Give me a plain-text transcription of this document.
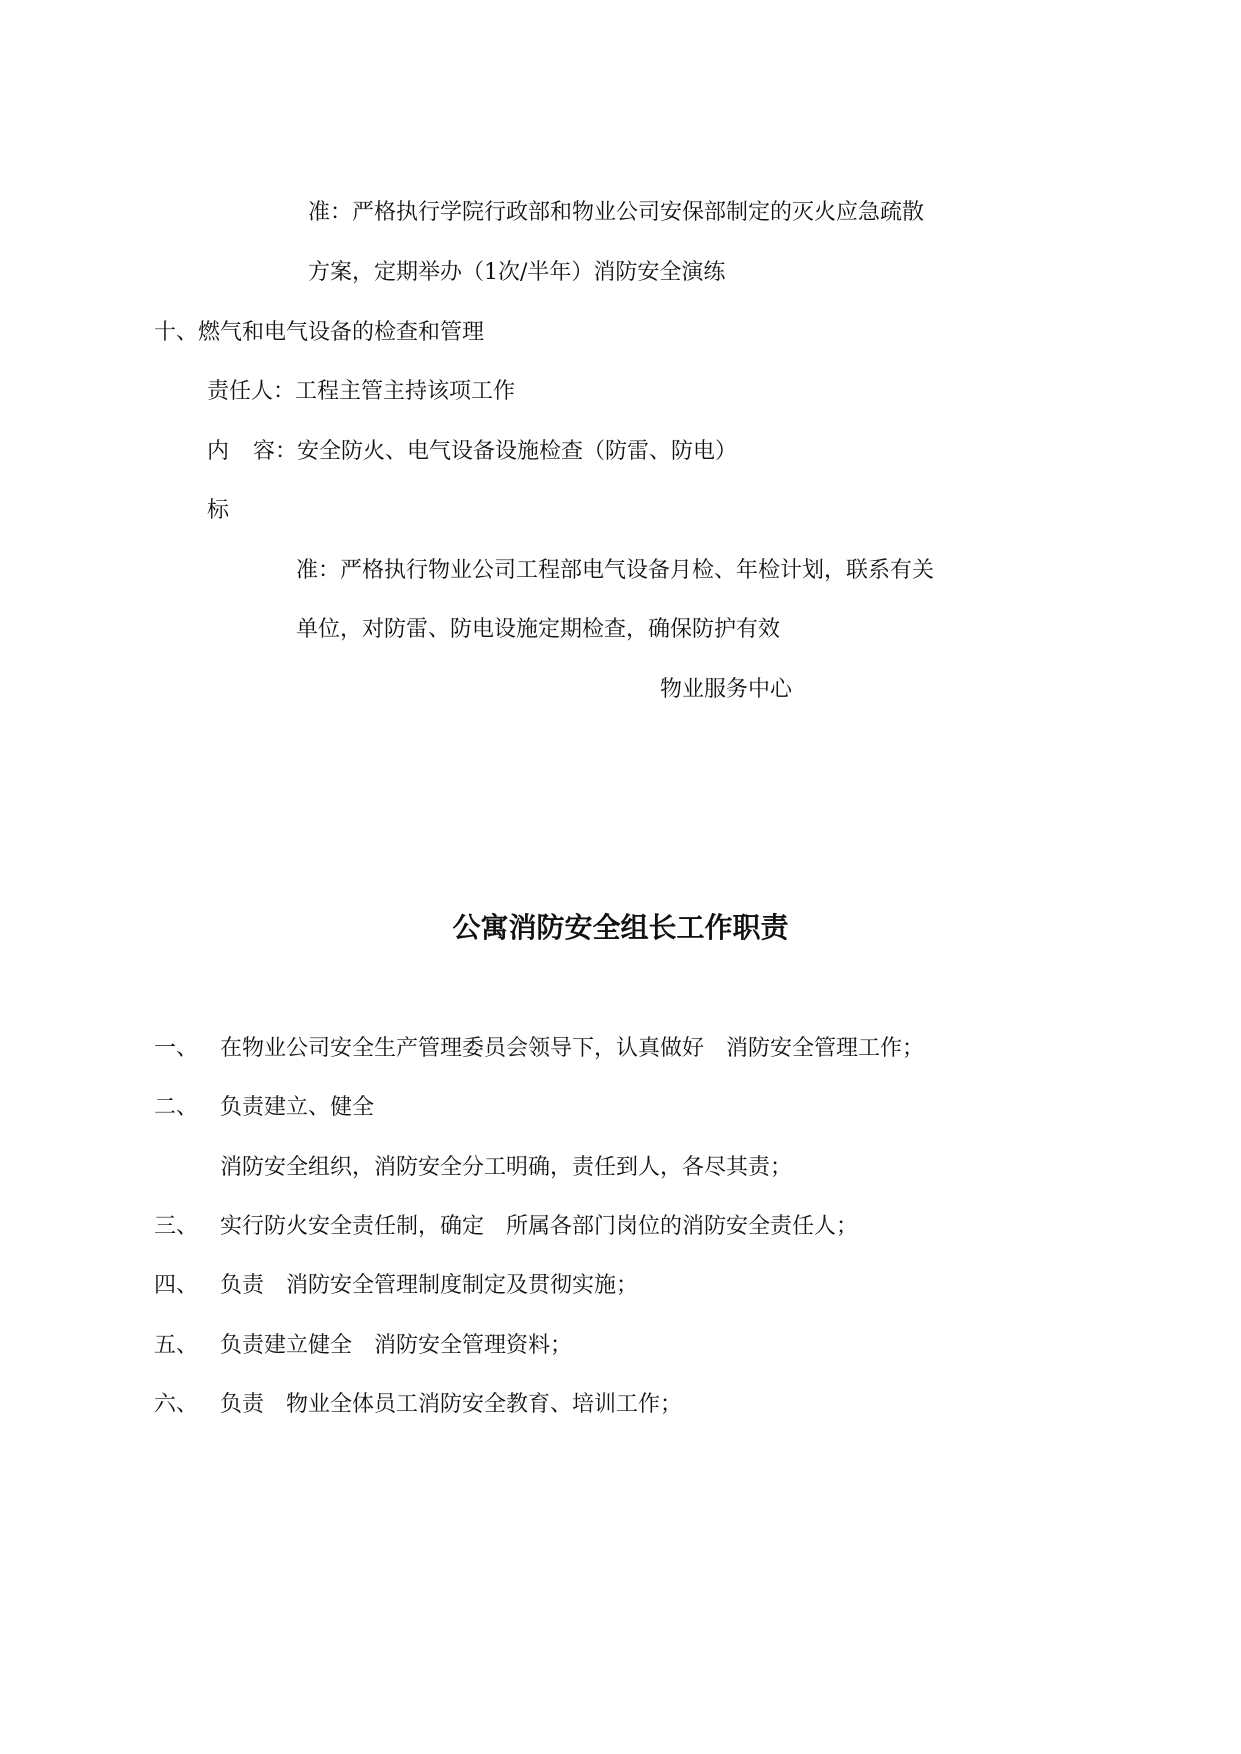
准：严格执行学院行政部和物业公司安保部制定的灭火应急疏散
方案，定期举办（1次/半年）消防安全演练
十、燃气和电气设备的检查和管理
责任人：工程主管主持该项工作
内 容：安全防火、电气设备设施检查（防雷、防电）
标
准：严格执行物业公司工程部电气设备月检、年检计划，联系有关
单位，对防雷、防电设施定期检查，确保防护有效
物业服务中心
公寓消防安全组长工作职责
一、 在物业公司安全生产管理委员会领导下，认真做好 消防安全管理工作；
二、 负责建立、健全
消防安全组织，消防安全分工明确，责任到人，各尽其责；
三、 实行防火安全责任制，确定 所属各部门岗位的消防安全责任人；
四、 负责 消防安全管理制度制定及贯彻实施；
五、 负责建立健全 消防安全管理资料；
六、 负责 物业全体员工消防安全教育、培训工作；
